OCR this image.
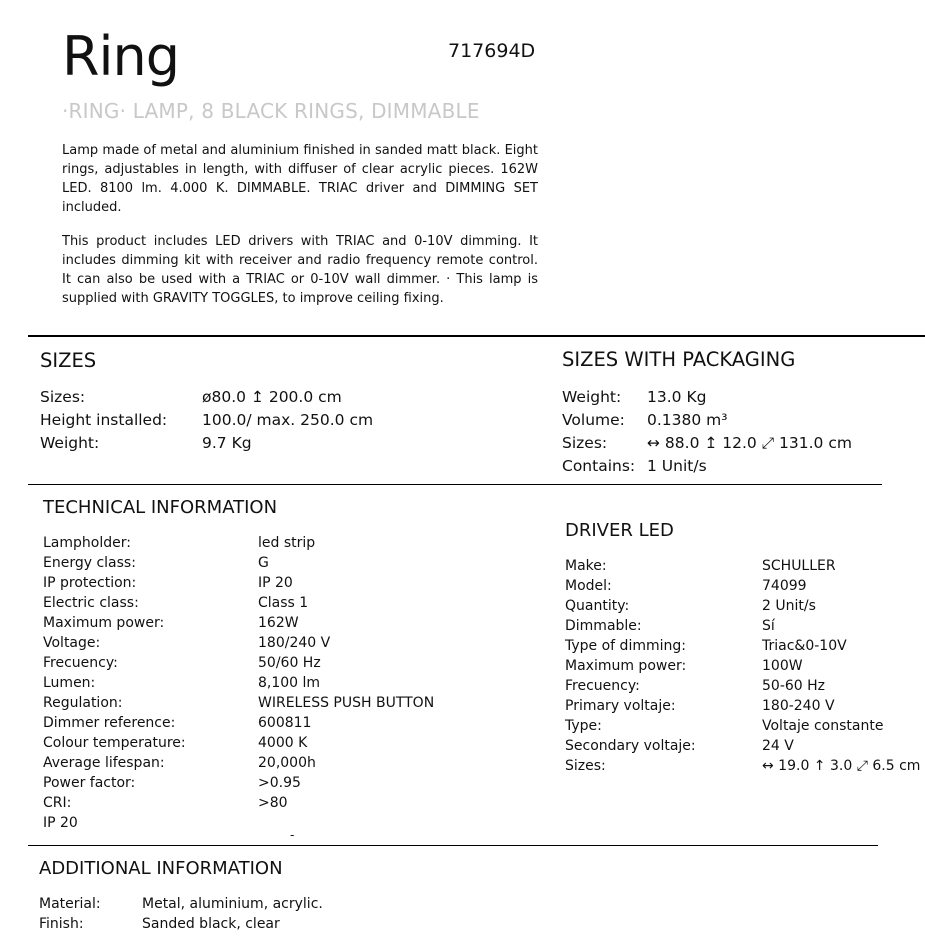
Ring	717694D
·RING· LAMP, 8 BLACK RINGS, DIMMABLE
Lamp made of metal and aluminium finished in sanded matt black. Eight rings, adjustables in length, with diffuser of clear acrylic pieces. 162W LED. 8100 lm. 4.000 K. DIMMABLE. TRIAC driver and DIMMING SET included.
This product includes LED drivers with TRIAC and 0-10V dimming. It includes dimming kit with receiver and radio frequency remote control. It can also be used with a TRIAC or 0-10V wall dimmer. · This lamp is supplied with GRAVITY TOGGLES, to improve ceiling fixing.
SIZES
Sizes:	ø80.0 ↥ 200.0 cm
Height installed: 100.0/ max. 250.0 cm
Weight:	9.7 Kg
SIZES WITH PACKAGING
Weight: 13.0 Kg
Volume: 0.1380 m³
Sizes:	↔ 88.0 ↥ 12.0 ⤢ 131.0 cm
Contains: 1 Unit/s
TECHNICAL INFORMATION
Lampholder:	led strip
Energy class:	G
IP protection:	IP 20
Electric class:	Class 1
Maximum power:	162W
Voltage:	180/240 V
Frecuency:	50/60 Hz
Lumen:	8,100 lm
Regulation:	WIRELESS PUSH BUTTON
Dimmer reference:	600811
Colour temperature:	4000 K
Average lifespan:	20,000h
Power factor:	>0.95
CRI:	>80
IP 20
-
DRIVER LED
Make:	SCHULLER
Model:	74099
Quantity:	2 Unit/s
Dimmable:	Sí
Type of dimming:	Triac&0-10V
Maximum power:	100W
Frecuency:	50-60 Hz
Primary voltaje:	180-240 V
Type:	Voltaje constante
Secondary voltaje:	24 V
Sizes:	↔ 19.0 ↑ 3.0 ⤢ 6.5 cm
ADDITIONAL INFORMATION
Material:	Metal, aluminium, acrylic.
Finish:	Sanded black, clear
